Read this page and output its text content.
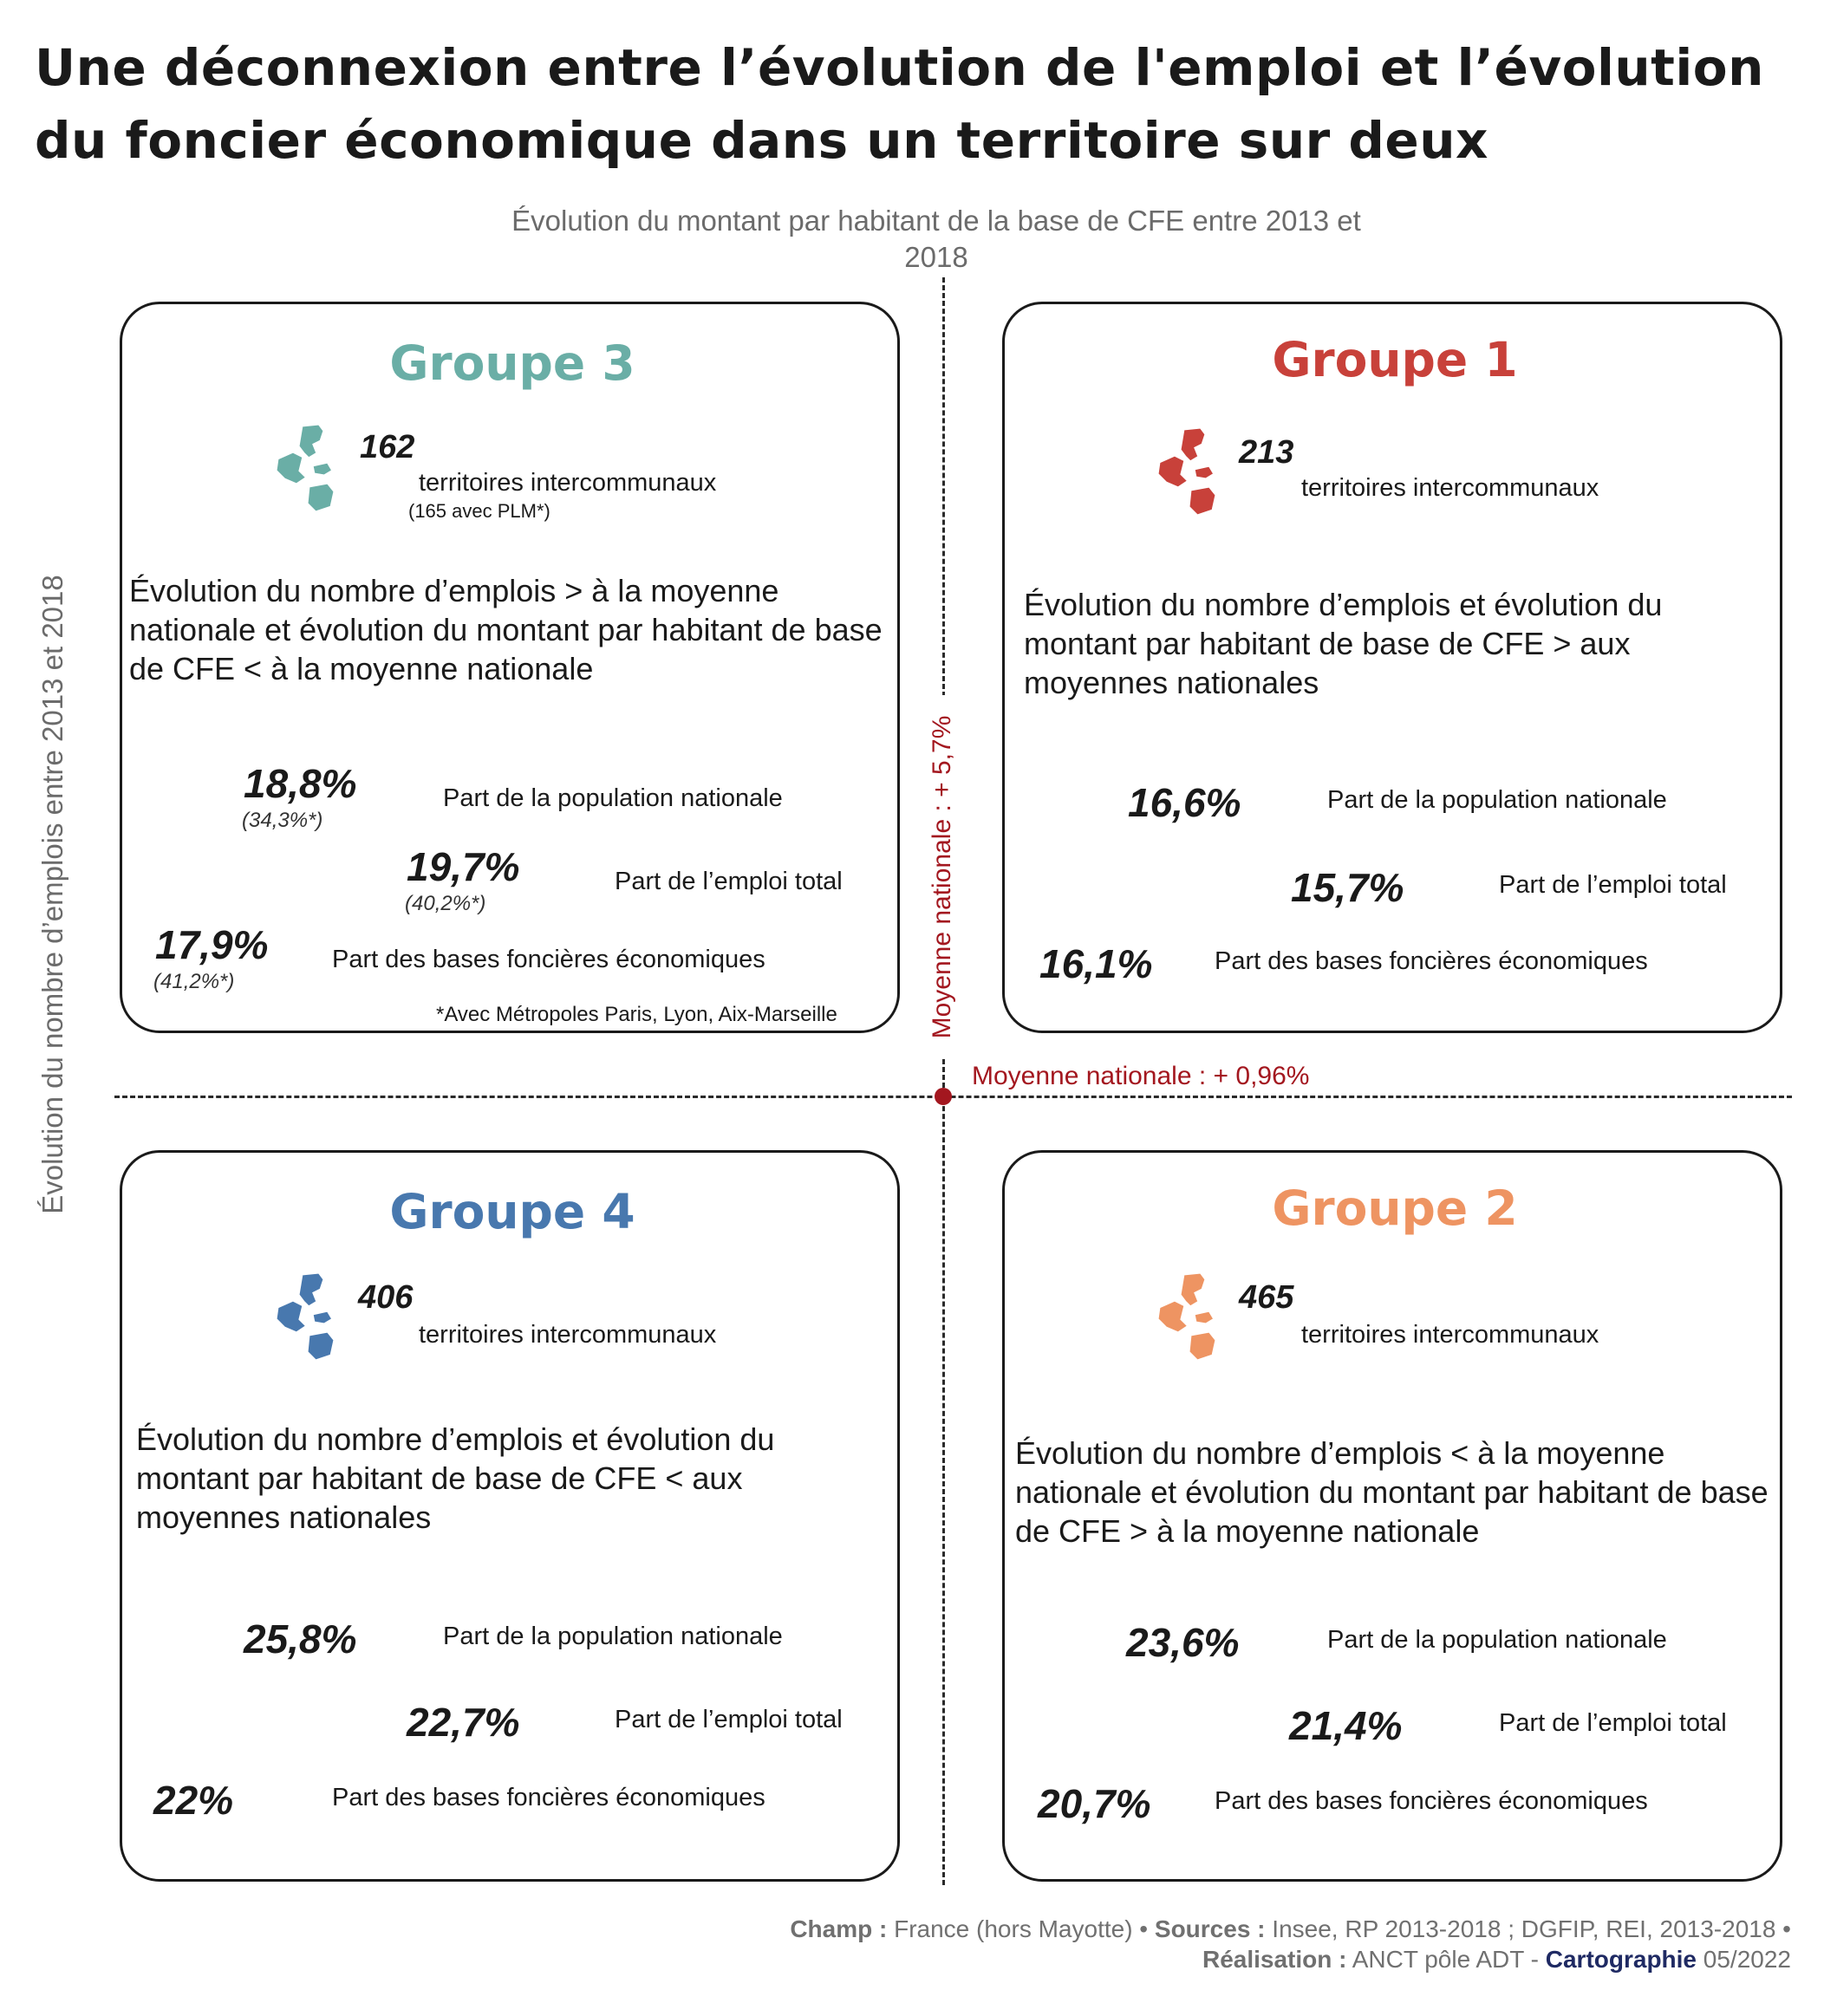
Une déconnexion entre l’évolution de l'emploi et l’évolution du foncier économique dans un territoire sur deux
Évolution du montant par habitant de la base de CFE entre 2013 et 2018
Évolution du nombre d’emplois entre 2013 et 2018	Moyenne nationale : + 0,96%
Moyenne nationale : + 5,7%
Groupe 3
162
territoires intercommunaux
(165 avec PLM*)
Évolution du nombre d’emplois > à la moyenne nationale et évolution du montant par habitant de base de CFE < à la moyenne nationale
18,8%
(34,3%*)
Part de la population nationale
19,7%
(40,2%*)
Part de l’emploi total
17,9%
(41,2%*)
Part des bases foncières économiques
*Avec Métropoles Paris, Lyon, Aix-Marseille
Groupe 1
213
territoires intercommunaux
Évolution du nombre d’emplois et évolution du montant par habitant de base de CFE > aux moyennes nationales
16,6%	Part de la population nationale
15,7%	Part de l’emploi total
16,1% Part des bases foncières économiques
Groupe 4
406
territoires intercommunaux
Évolution du nombre d’emplois et évolution du montant par habitant de base de CFE < aux moyennes nationales
25,8%	Part de la population nationale
22,7%	Part de l’emploi total
22%	Part des bases foncières économiques
Groupe 2
465
territoires intercommunaux
Évolution du nombre d’emplois < à la moyenne nationale et évolution du montant par habitant de base de CFE > à la moyenne nationale
23,6%	Part de la population nationale
21,4%	Part de l’emploi total
20,7%	Part des bases foncières économiques
Champ : France (hors Mayotte) • Sources : Insee, RP 2013-2018 ; DGFIP, REI, 2013-2018 •
Réalisation : ANCT pôle ADT - Cartographie 05/2022
